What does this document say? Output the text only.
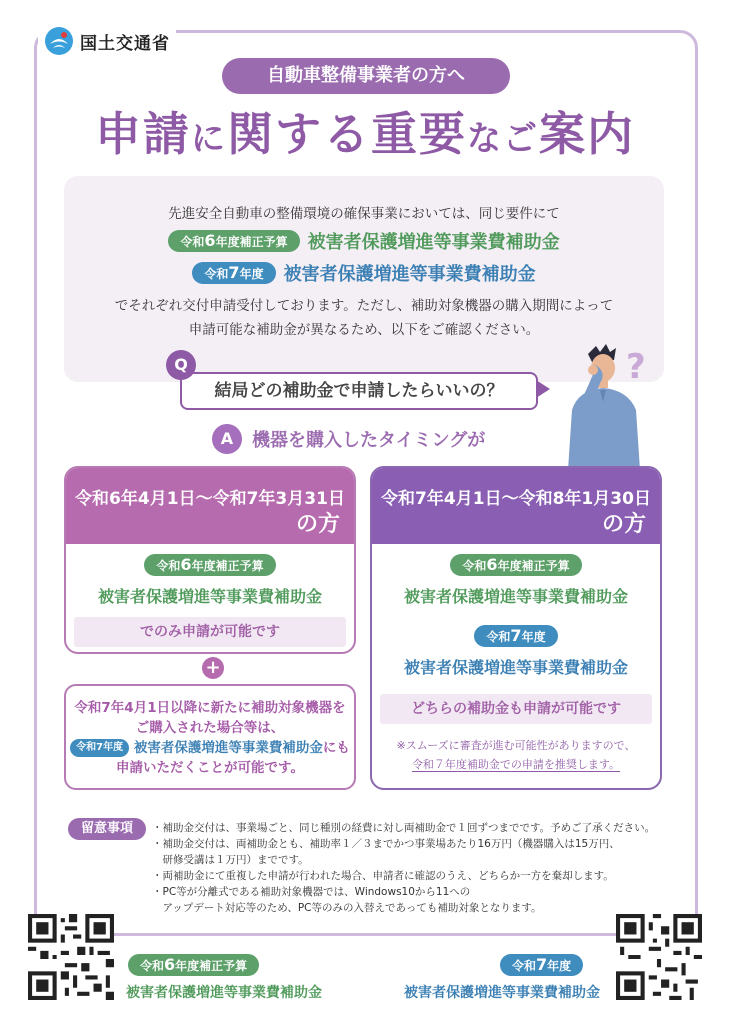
国土交通省
自動車整備事業者の方へ
申請に関する重要なご案内
先進安全自動車の整備環境の確保事業においては、同じ要件にて
令和6年度補正予算 被害者保護増進等事業費補助金
令和7年度 被害者保護増進等事業費補助金
でそれぞれ交付申請受付しております。ただし、補助対象機器の購入期間によって
申請可能な補助金が異なるため、以下をご確認ください。
結局どの補助金で申請したらいいの？
Q
A	機器を購入したタイミングが
?
令和6年4月1日～令和7年3月31日
の方
令和6年度補正予算
被害者保護増進等事業費補助金
でのみ申請が可能です
+
令和7年4月1日以降に新たに補助対象機器を
ご購入された場合等は、
令和7年度 被害者保護増進等事業費補助金にも
申請いただくことが可能です。
令和7年4月1日～令和8年1月30日
の方
令和6年度補正予算
被害者保護増進等事業費補助金
令和7年度
被害者保護増進等事業費補助金
どちらの補助金も申請が可能です
※スムーズに審査が進む可能性がありますので、
令和７年度補助金での申請を推奨します。
留意事項	・補助金交付は、事業場ごと、同じ種別の経費に対し両補助金で１回ずつまでです。予めご了承ください。
・補助金交付は、両補助金とも、補助率１／３までかつ事業場あたり16万円（機器購入は15万円、
　研修受講は１万円）までです。
・両補助金にて重複した申請が行われた場合、申請者に確認のうえ、どちらか一方を棄却します。
・PC等が分離式である補助対象機器では、Windows10から11への
　アップデート対応等のため、PC等のみの入替えであっても補助対象となります。
令和6年度補正予算
被害者保護増進等事業費補助金
令和7年度
被害者保護増進等事業費補助金
